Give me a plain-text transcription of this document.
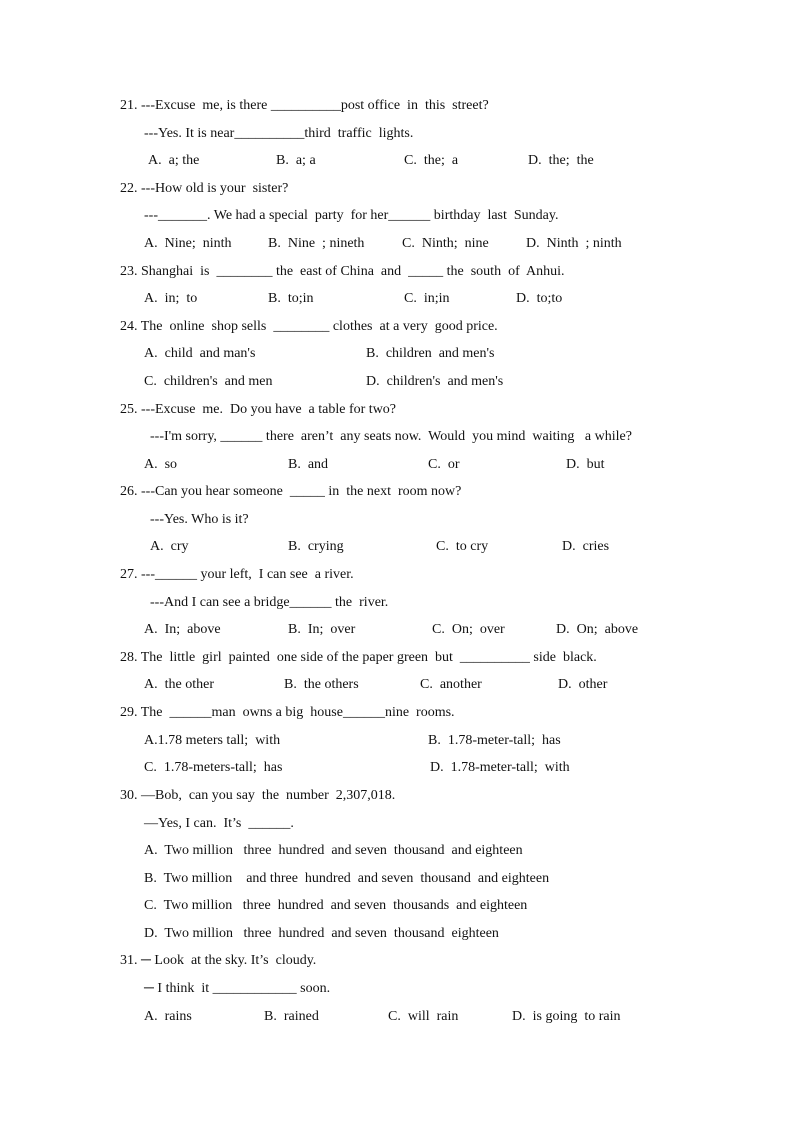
21. ---Excuse  me, is there __________post office  in  this  street?
---Yes. It is near__________third  traffic  lights.
A.  a; the	B.  a; a	C.  the;  a	D.  the;  the
22. ---How old is your  sister?
---_______. We had a special  party  for her______ birthday  last  Sunday.
A.  Nine;  ninth	B.  Nine  ; nineth	C.  Ninth;  nine	D.  Ninth  ; ninth
23. Shanghai  is  ________ the  east of China  and  _____ the  south  of  Anhui.
A.  in;  to	B.  to;in	C.  in;in	D.  to;to
24. The  online  shop sells  ________ clothes  at a very  good price.
A.  child  and man's	B.  children  and men's
C.  children's  and men	D.  children's  and men's
25. ---Excuse  me.  Do you have  a table for two?
---I'm sorry, ______ there  aren’t  any seats now.  Would  you mind  waiting   a while?
A.  so	B.  and	C.  or	D.  but
26. ---Can you hear someone  _____ in  the next  room now?
---Yes. Who is it?
A.  cry	B.  crying	C.  to cry	D.  cries
27. ---______ your left,  I can see  a river.
---And I can see a bridge______ the  river.
A.  In;  above	B.  In;  over	C.  On;  over	D.  On;  above
28. The  little  girl  painted  one side of the paper green  but  __________ side  black.
A.  the other	B.  the others	C.  another	D.  other
29. The  ______man  owns a big  house______nine  rooms.
A.1.78 meters tall;  with	B.  1.78-meter-tall;  has
C.  1.78-meters-tall;  has	D.  1.78-meter-tall;  with
30. —Bob,  can you say  the  number  2,307,018.
—Yes, I can.  It’s  ______.
A.  Two million   three  hundred  and seven  thousand  and eighteen
B.  Two million    and three  hundred  and seven  thousand  and eighteen
C.  Two million   three  hundred  and seven  thousands  and eighteen
D.  Two million   three  hundred  and seven  thousand  eighteen
31. ─ Look  at the sky. It’s  cloudy.
─ I think  it ____________ soon.
A.  rains	B.  rained	C.  will  rain	D.  is going  to rain
